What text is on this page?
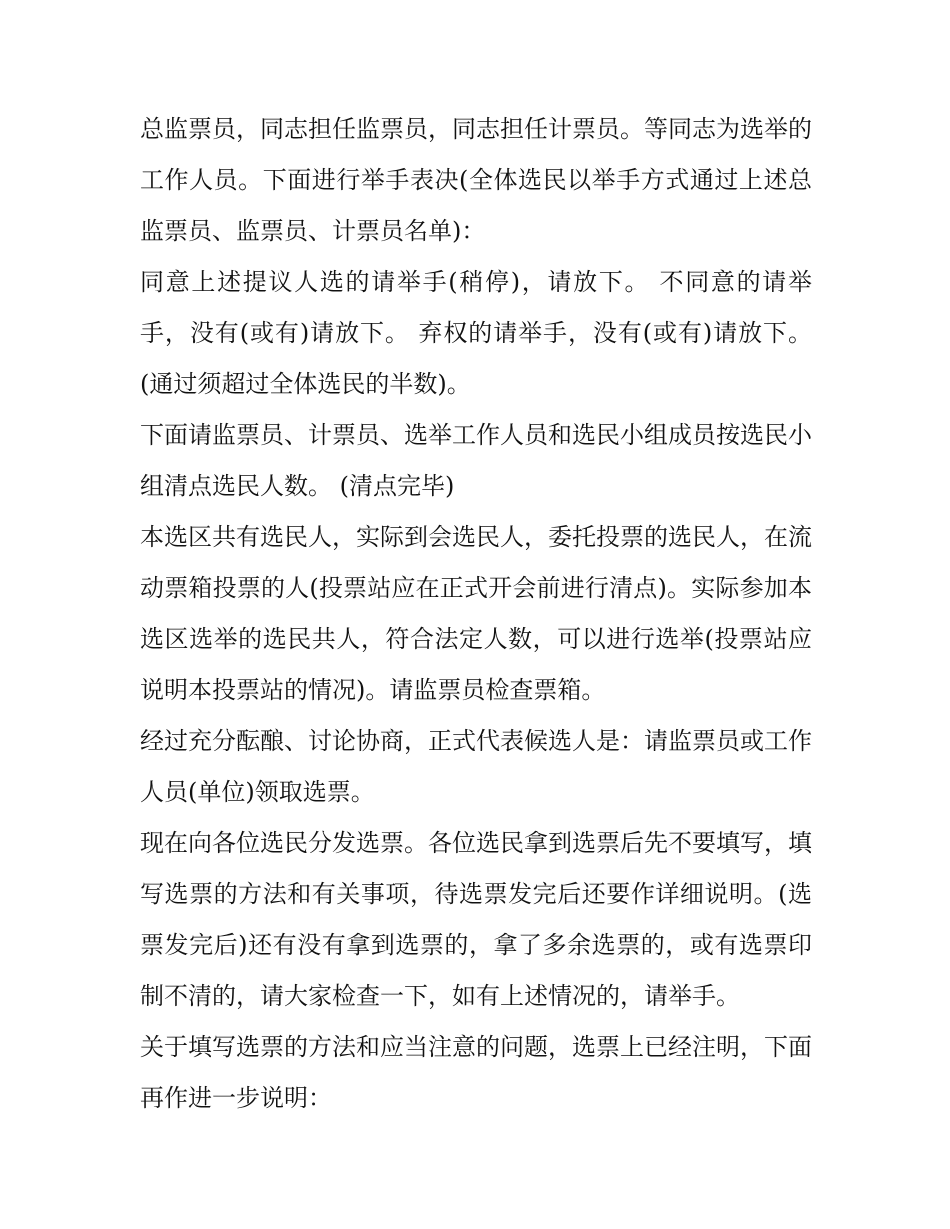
总监票员，同志担任监票员，同志担任计票员。等同志为选举的工作人员。下面进行举手表决(全体选民以举手方式通过上述总监票员、监票员、计票员名单)：

同意上述提议人选的请举手(稍停)，请放下。 不同意的请举手，没有(或有)请放下。 弃权的请举手，没有(或有)请放下。(通过须超过全体选民的半数)。

下面请监票员、计票员、选举工作人员和选民小组成员按选民小组清点选民人数。 (清点完毕)

本选区共有选民人，实际到会选民人，委托投票的选民人，在流动票箱投票的人(投票站应在正式开会前进行清点)。实际参加本选区选举的选民共人，符合法定人数，可以进行选举(投票站应说明本投票站的情况)。请监票员检查票箱。

经过充分酝酿、讨论协商，正式代表候选人是：请监票员或工作人员(单位)领取选票。

现在向各位选民分发选票。各位选民拿到选票后先不要填写，填写选票的方法和有关事项，待选票发完后还要作详细说明。(选票发完后)还有没有拿到选票的，拿了多余选票的，或有选票印制不清的，请大家检查一下，如有上述情况的，请举手。

关于填写选票的方法和应当注意的问题，选票上已经注明，下面再作进一步说明：
